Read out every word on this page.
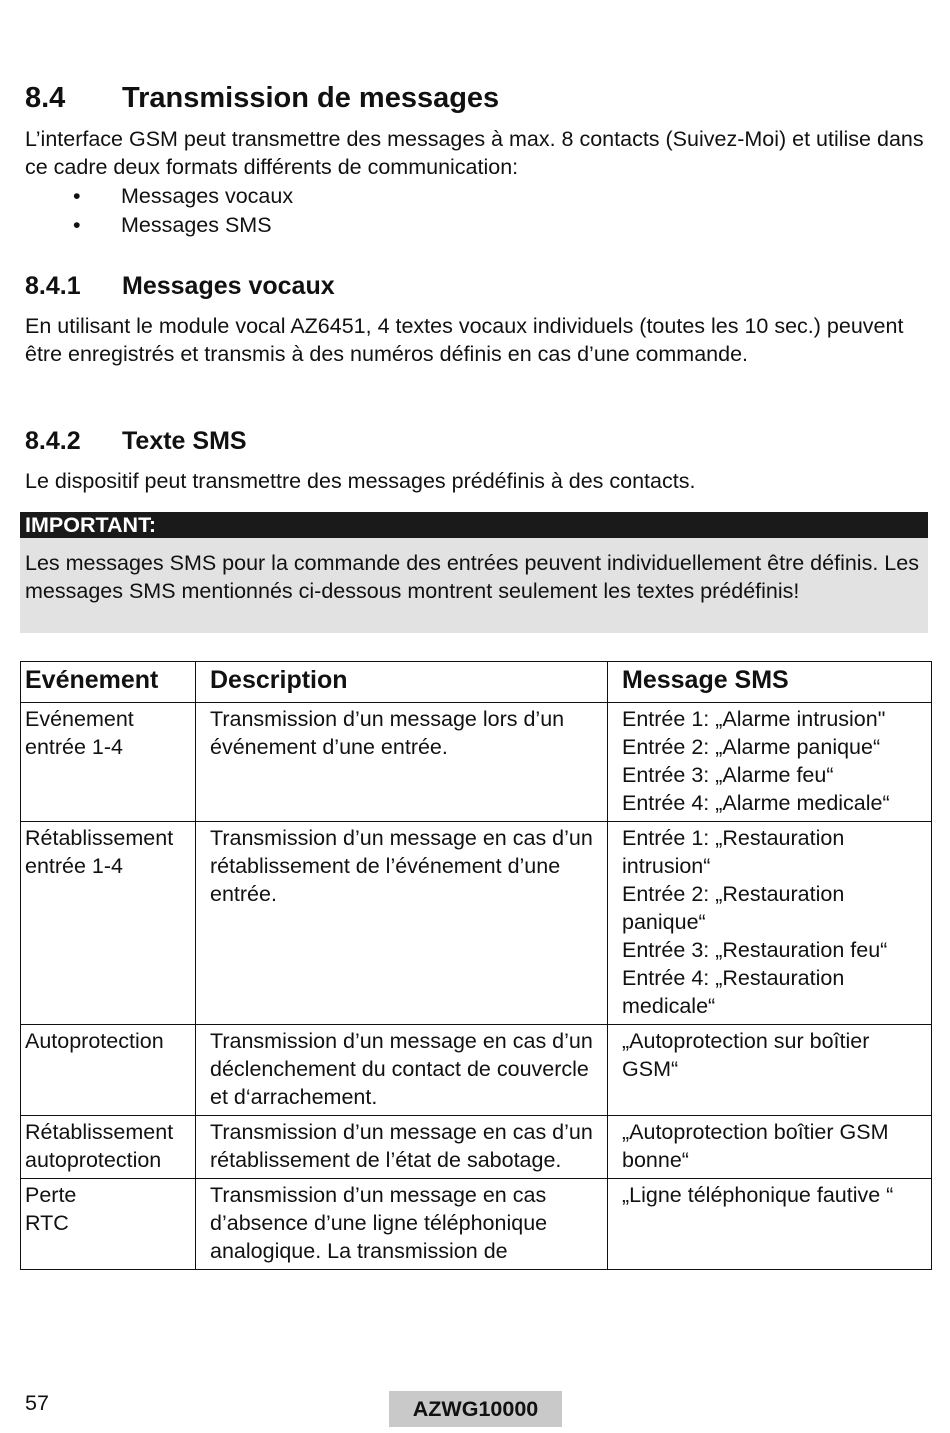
8.4 Transmission de messages

L’interface GSM peut transmettre des messages à max. 8 contacts (Suivez-Moi) et utilise dans ce cadre deux formats différents de communication:

• Messages vocaux
• Messages SMS
8.4.1 Messages vocaux

En utilisant le module vocal AZ6451, 4 textes vocaux individuels (toutes les 10 sec.) peuvent être enregistrés et transmis à des numéros définis en cas d’une commande.

8.4.2 Texte SMS

Le dispositif peut transmettre des messages prédéfinis à des contacts.

IMPORTANT:
Les messages SMS pour la commande des entrées peuvent individuellement être définis. Les messages SMS mentionnés ci-dessous montrent seulement les textes prédéfinis!
Evénement	Description	Message SMS

Evénement
entrée 1-4	Transmission d’un message lors d’un événement d’une entrée.	Entrée 1: „Alarme intrusion"
Entrée 2: „Alarme panique“
Entrée 3: „Alarme feu“
Entrée 4: „Alarme medicale“

Rétablissement
entrée 1-4	Transmission d’un message en cas d’un rétablissement de l’événement d’une entrée.	Entrée 1: „Restauration intrusion“
Entrée 2: „Restauration panique“
Entrée 3: „Restauration feu“
Entrée 4: „Restauration medicale“

Autoprotection	Transmission d’un message en cas d’un déclenchement du contact de couvercle et d‘arrachement.	„Autoprotection sur boîtier GSM“

Rétablissement
autoprotection	Transmission d’un message en cas d’un rétablissement de l’état de sabotage.	„Autoprotection boîtier GSM bonne“

Perte
RTC	Transmission d’un message en cas d’absence d’une ligne téléphonique analogique. La transmission de	„Ligne téléphonique fautive “
57	AZWG10000
